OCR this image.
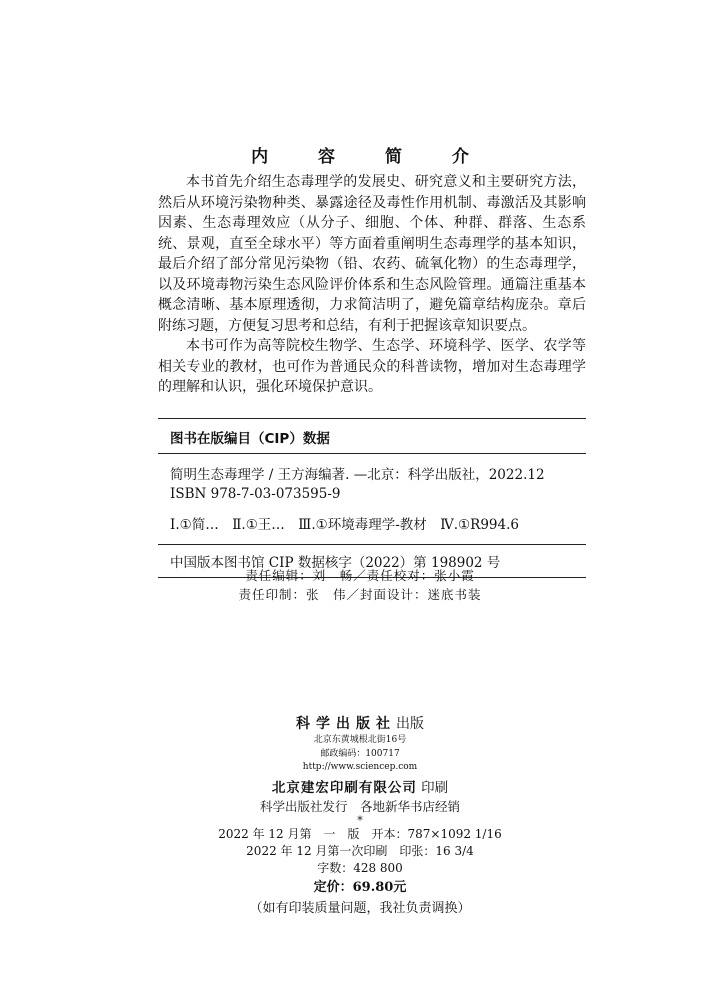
内 容 简 介

本书首先介绍生态毒理学的发展史、研究意义和主要研究方法，然后从环境污染物种类、暴露途径及毒性作用机制、毒激活及其影响因素、生态毒理效应（从分子、细胞、个体、种群、群落、生态系统、景观，直至全球水平）等方面着重阐明生态毒理学的基本知识，最后介绍了部分常见污染物（铅、农药、硫氧化物）的生态毒理学，以及环境毒物污染生态风险评价体系和生态风险管理。通篇注重基本概念清晰、基本原理透彻，力求简洁明了，避免篇章结构庞杂。章后附练习题，方便复习思考和总结，有利于把握该章知识要点。

本书可作为高等院校生物学、生态学、环境科学、医学、农学等相关专业的教材，也可作为普通民众的科普读物，增加对生态毒理学的理解和认识，强化环境保护意识。

图书在版编目（CIP）数据
简明生态毒理学 / 王方海编著. —北京：科学出版社，2022.12
ISBN 978-7-03-073595-9
Ⅰ.①简…　Ⅱ.①王…　Ⅲ.①环境毒理学-教材　Ⅳ.①R994.6
中国版本图书馆 CIP 数据核字（2022）第 198902 号
责任编辑：刘　畅／责任校对：张小霞
责任印制：张　伟／封面设计：迷底书装
科学出版社出版
北京东黄城根北街16号
邮政编码：100717
http://www.sciencep.com
北京建宏印刷有限公司 印刷
科学出版社发行　各地新华书店经销
*
2022 年 12 月第　一　版　开本：787×1092 1/16
2022 年 12 月第一次印刷　印张：16 3/4
字数：428 800
定价：69.80元
（如有印装质量问题，我社负责调换）
